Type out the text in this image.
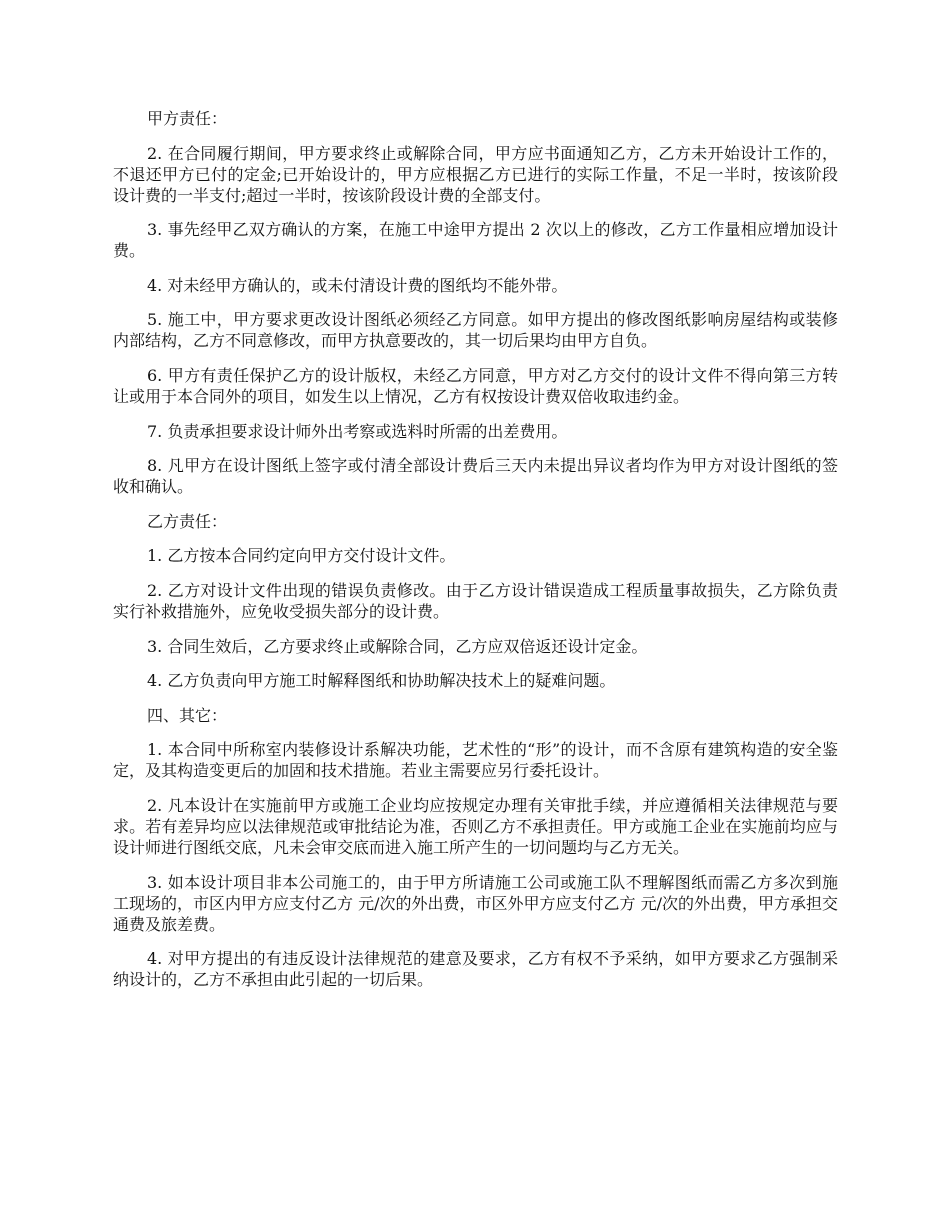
甲方责任：

2. 在合同履行期间，甲方要求终止或解除合同，甲方应书面通知乙方，乙方未开始设计工作的，不退还甲方已付的定金;已开始设计的，甲方应根据乙方已进行的实际工作量，不足一半时，按该阶段设计费的一半支付;超过一半时，按该阶段设计费的全部支付。

3. 事先经甲乙双方确认的方案，在施工中途甲方提出 2 次以上的修改，乙方工作量相应增加设计费。

4. 对未经甲方确认的，或未付清设计费的图纸均不能外带。

5. 施工中，甲方要求更改设计图纸必须经乙方同意。如甲方提出的修改图纸影响房屋结构或装修内部结构，乙方不同意修改，而甲方执意要改的，其一切后果均由甲方自负。

6. 甲方有责任保护乙方的设计版权，未经乙方同意，甲方对乙方交付的设计文件不得向第三方转让或用于本合同外的项目，如发生以上情况，乙方有权按设计费双倍收取违约金。

7. 负责承担要求设计师外出考察或选料时所需的出差费用。

8. 凡甲方在设计图纸上签字或付清全部设计费后三天内未提出异议者均作为甲方对设计图纸的签收和确认。

乙方责任：

1. 乙方按本合同约定向甲方交付设计文件。

2. 乙方对设计文件出现的错误负责修改。由于乙方设计错误造成工程质量事故损失，乙方除负责实行补救措施外，应免收受损失部分的设计费。

3. 合同生效后，乙方要求终止或解除合同，乙方应双倍返还设计定金。

4. 乙方负责向甲方施工时解释图纸和协助解决技术上的疑难问题。

四、其它：

1. 本合同中所称室内装修设计系解决功能，艺术性的“形”的设计，而不含原有建筑构造的安全鉴定，及其构造变更后的加固和技术措施。若业主需要应另行委托设计。

2. 凡本设计在实施前甲方或施工企业均应按规定办理有关审批手续，并应遵循相关法律规范与要求。若有差异均应以法律规范或审批结论为准，否则乙方不承担责任。甲方或施工企业在实施前均应与设计师进行图纸交底，凡未会审交底而进入施工所产生的一切问题均与乙方无关。

3. 如本设计项目非本公司施工的，由于甲方所请施工公司或施工队不理解图纸而需乙方多次到施工现场的，市区内甲方应支付乙方 元/次的外出费，市区外甲方应支付乙方 元/次的外出费，甲方承担交通费及旅差费。

4. 对甲方提出的有违反设计法律规范的建意及要求，乙方有权不予采纳，如甲方要求乙方强制采纳设计的，乙方不承担由此引起的一切后果。
